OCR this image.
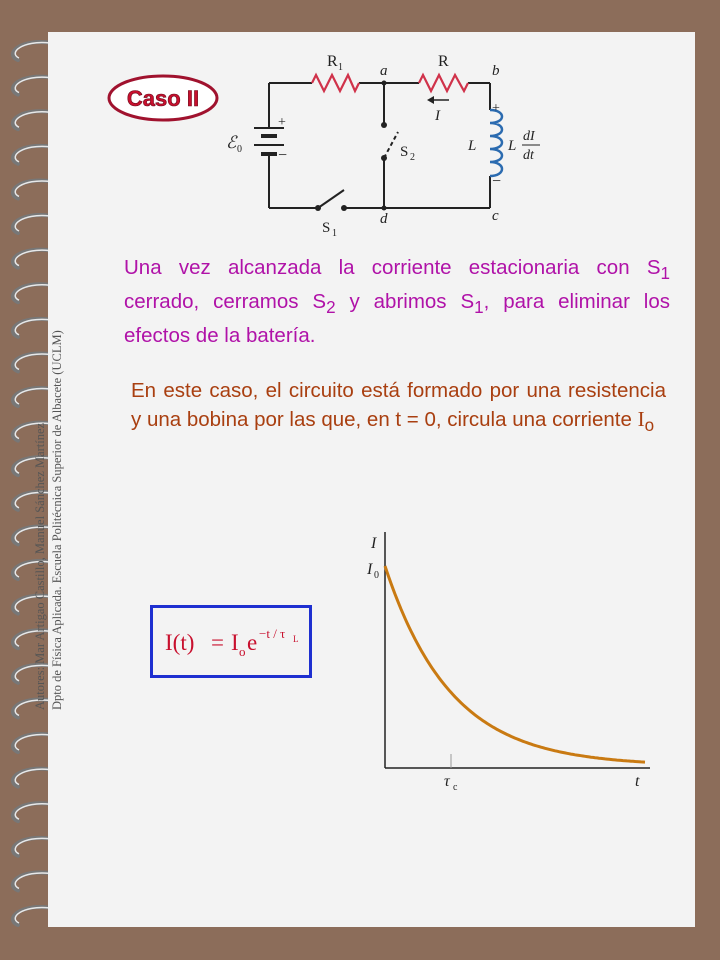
Autores: Mar Artigao Castillo, Manuel Sánchez Martínez Dpto de Física Aplicada. Escuela Politécnica Superior de Albacete (UCLM)
Caso II
R 1	R
a	b
c
d
ℰ 0
+
−
I
S 2
S 1
L
+
−
L
dI
dt
Una vez alcanzada la corriente estacionaria con $S_1$ cerrado, cerramos $S_2$ y abrimos $S_1$, para eliminar los efectos de la batería.
En este caso, el circuito está formado por una resistencia y una bobina por las que, en t = 0, circula una corriente $I_o$
I(t) = I o e −t / τ L
I
I 0
t
τ c
